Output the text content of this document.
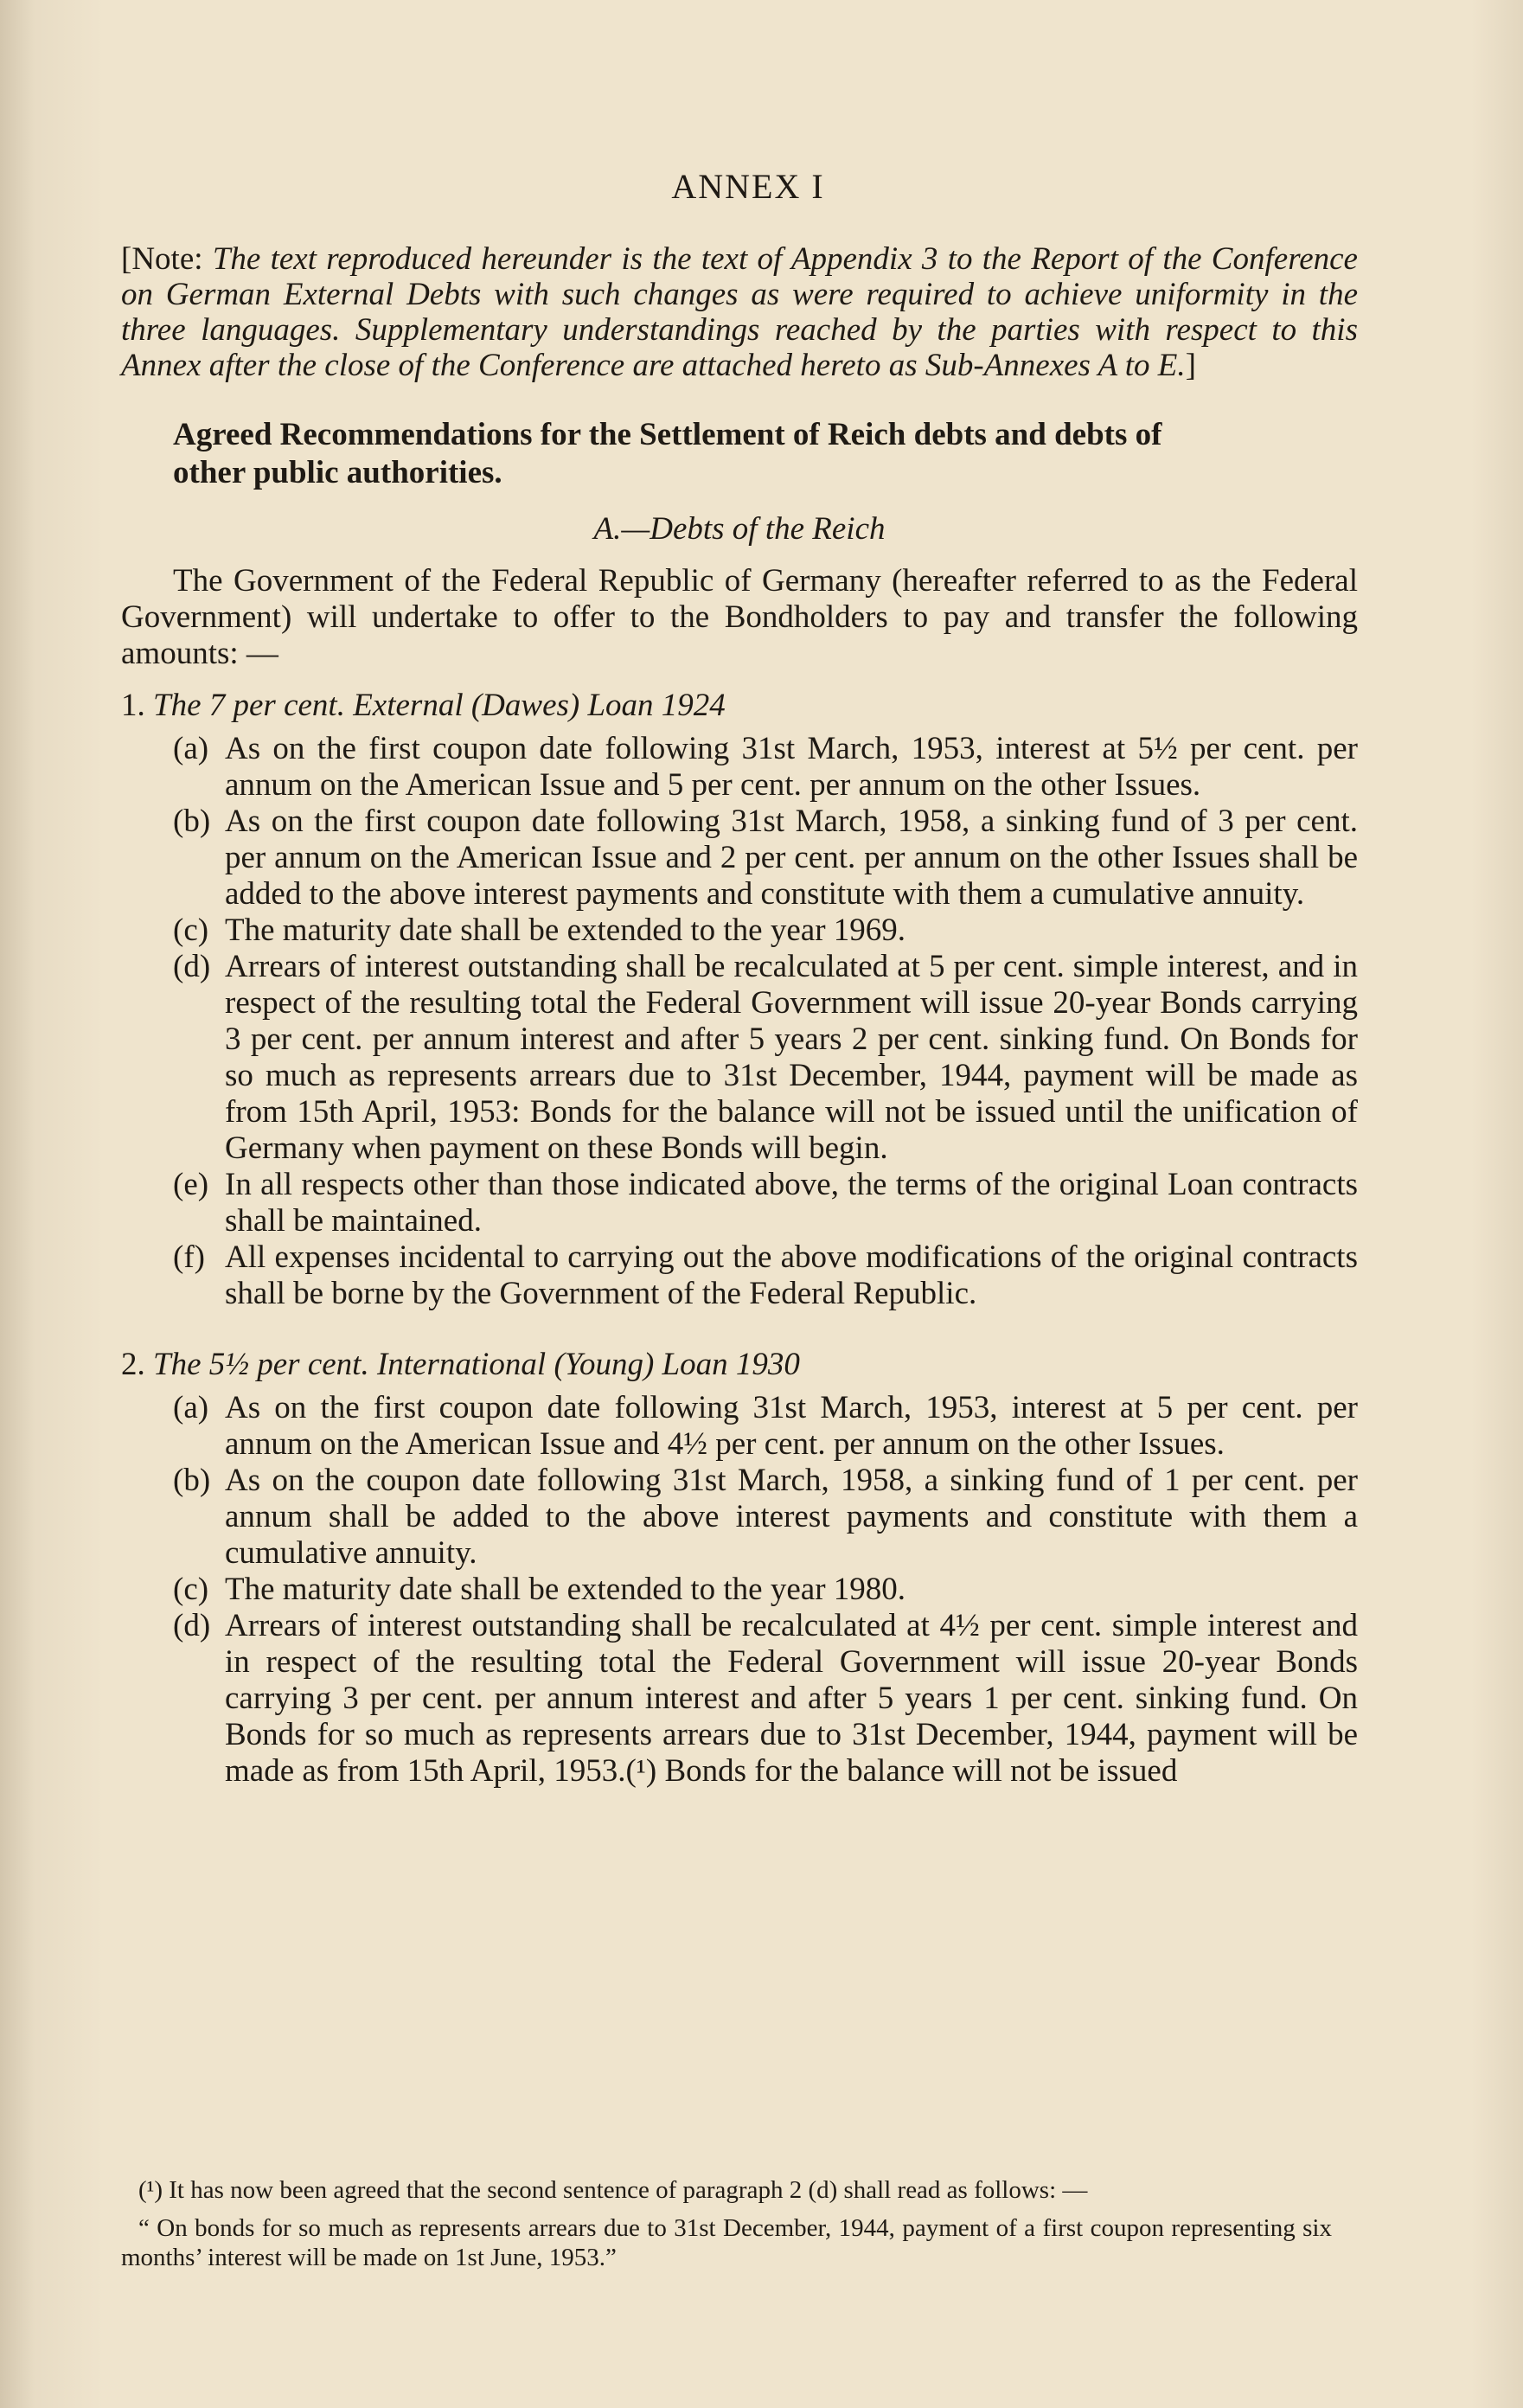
ANNEX I

[Note: The text reproduced hereunder is the text of Appendix 3 to the Report of the Conference on German External Debts with such changes as were required to achieve uniformity in the three languages. Supplementary understandings reached by the parties with respect to this Annex after the close of the Conference are attached hereto as Sub-Annexes A to E.]

Agreed Recommendations for the Settlement of Reich debts and debts of
other public authorities.
A.—Debts of the Reich

The Government of the Federal Republic of Germany (hereafter referred to as the Federal Government) will undertake to offer to the Bondholders to pay and transfer the following amounts: —

1. The 7 per cent. External (Dawes) Loan 1924
(a) As on the first coupon date following 31st March, 1953, interest at 5½ per cent. per annum on the American Issue and 5 per cent. per annum on the other Issues.
(b) As on the first coupon date following 31st March, 1958, a sinking fund of 3 per cent. per annum on the American Issue and 2 per cent. per annum on the other Issues shall be added to the above interest payments and constitute with them a cumulative annuity.
(c) The maturity date shall be extended to the year 1969.
(d) Arrears of interest outstanding shall be recalculated at 5 per cent. simple interest, and in respect of the resulting total the Federal Government will issue 20-year Bonds carrying 3 per cent. per annum interest and after 5 years 2 per cent. sinking fund. On Bonds for so much as represents arrears due to 31st December, 1944, payment will be made as from 15th April, 1953: Bonds for the balance will not be issued until the unification of Germany when payment on these Bonds will begin.
(e) In all respects other than those indicated above, the terms of the original Loan contracts shall be maintained.
(f) All expenses incidental to carrying out the above modifications of the original contracts shall be borne by the Government of the Federal Republic.
2. The 5½ per cent. International (Young) Loan 1930
(a) As on the first coupon date following 31st March, 1953, interest at 5 per cent. per annum on the American Issue and 4½ per cent. per annum on the other Issues.
(b) As on the coupon date following 31st March, 1958, a sinking fund of 1 per cent. per annum shall be added to the above interest payments and constitute with them a cumulative annuity.
(c) The maturity date shall be extended to the year 1980.
(d) Arrears of interest outstanding shall be recalculated at 4½ per cent. simple interest and in respect of the resulting total the Federal Government will issue 20-year Bonds carrying 3 per cent. per annum interest and after 5 years 1 per cent. sinking fund. On Bonds for so much as represents arrears due to 31st December, 1944, payment will be made as from 15th April, 1953.(¹) Bonds for the balance will not be issued

(¹) It has now been agreed that the second sentence of paragraph 2 (d) shall read as follows: —

“ On bonds for so much as represents arrears due to 31st December, 1944, payment of a first coupon representing six months’ interest will be made on 1st June, 1953.”
